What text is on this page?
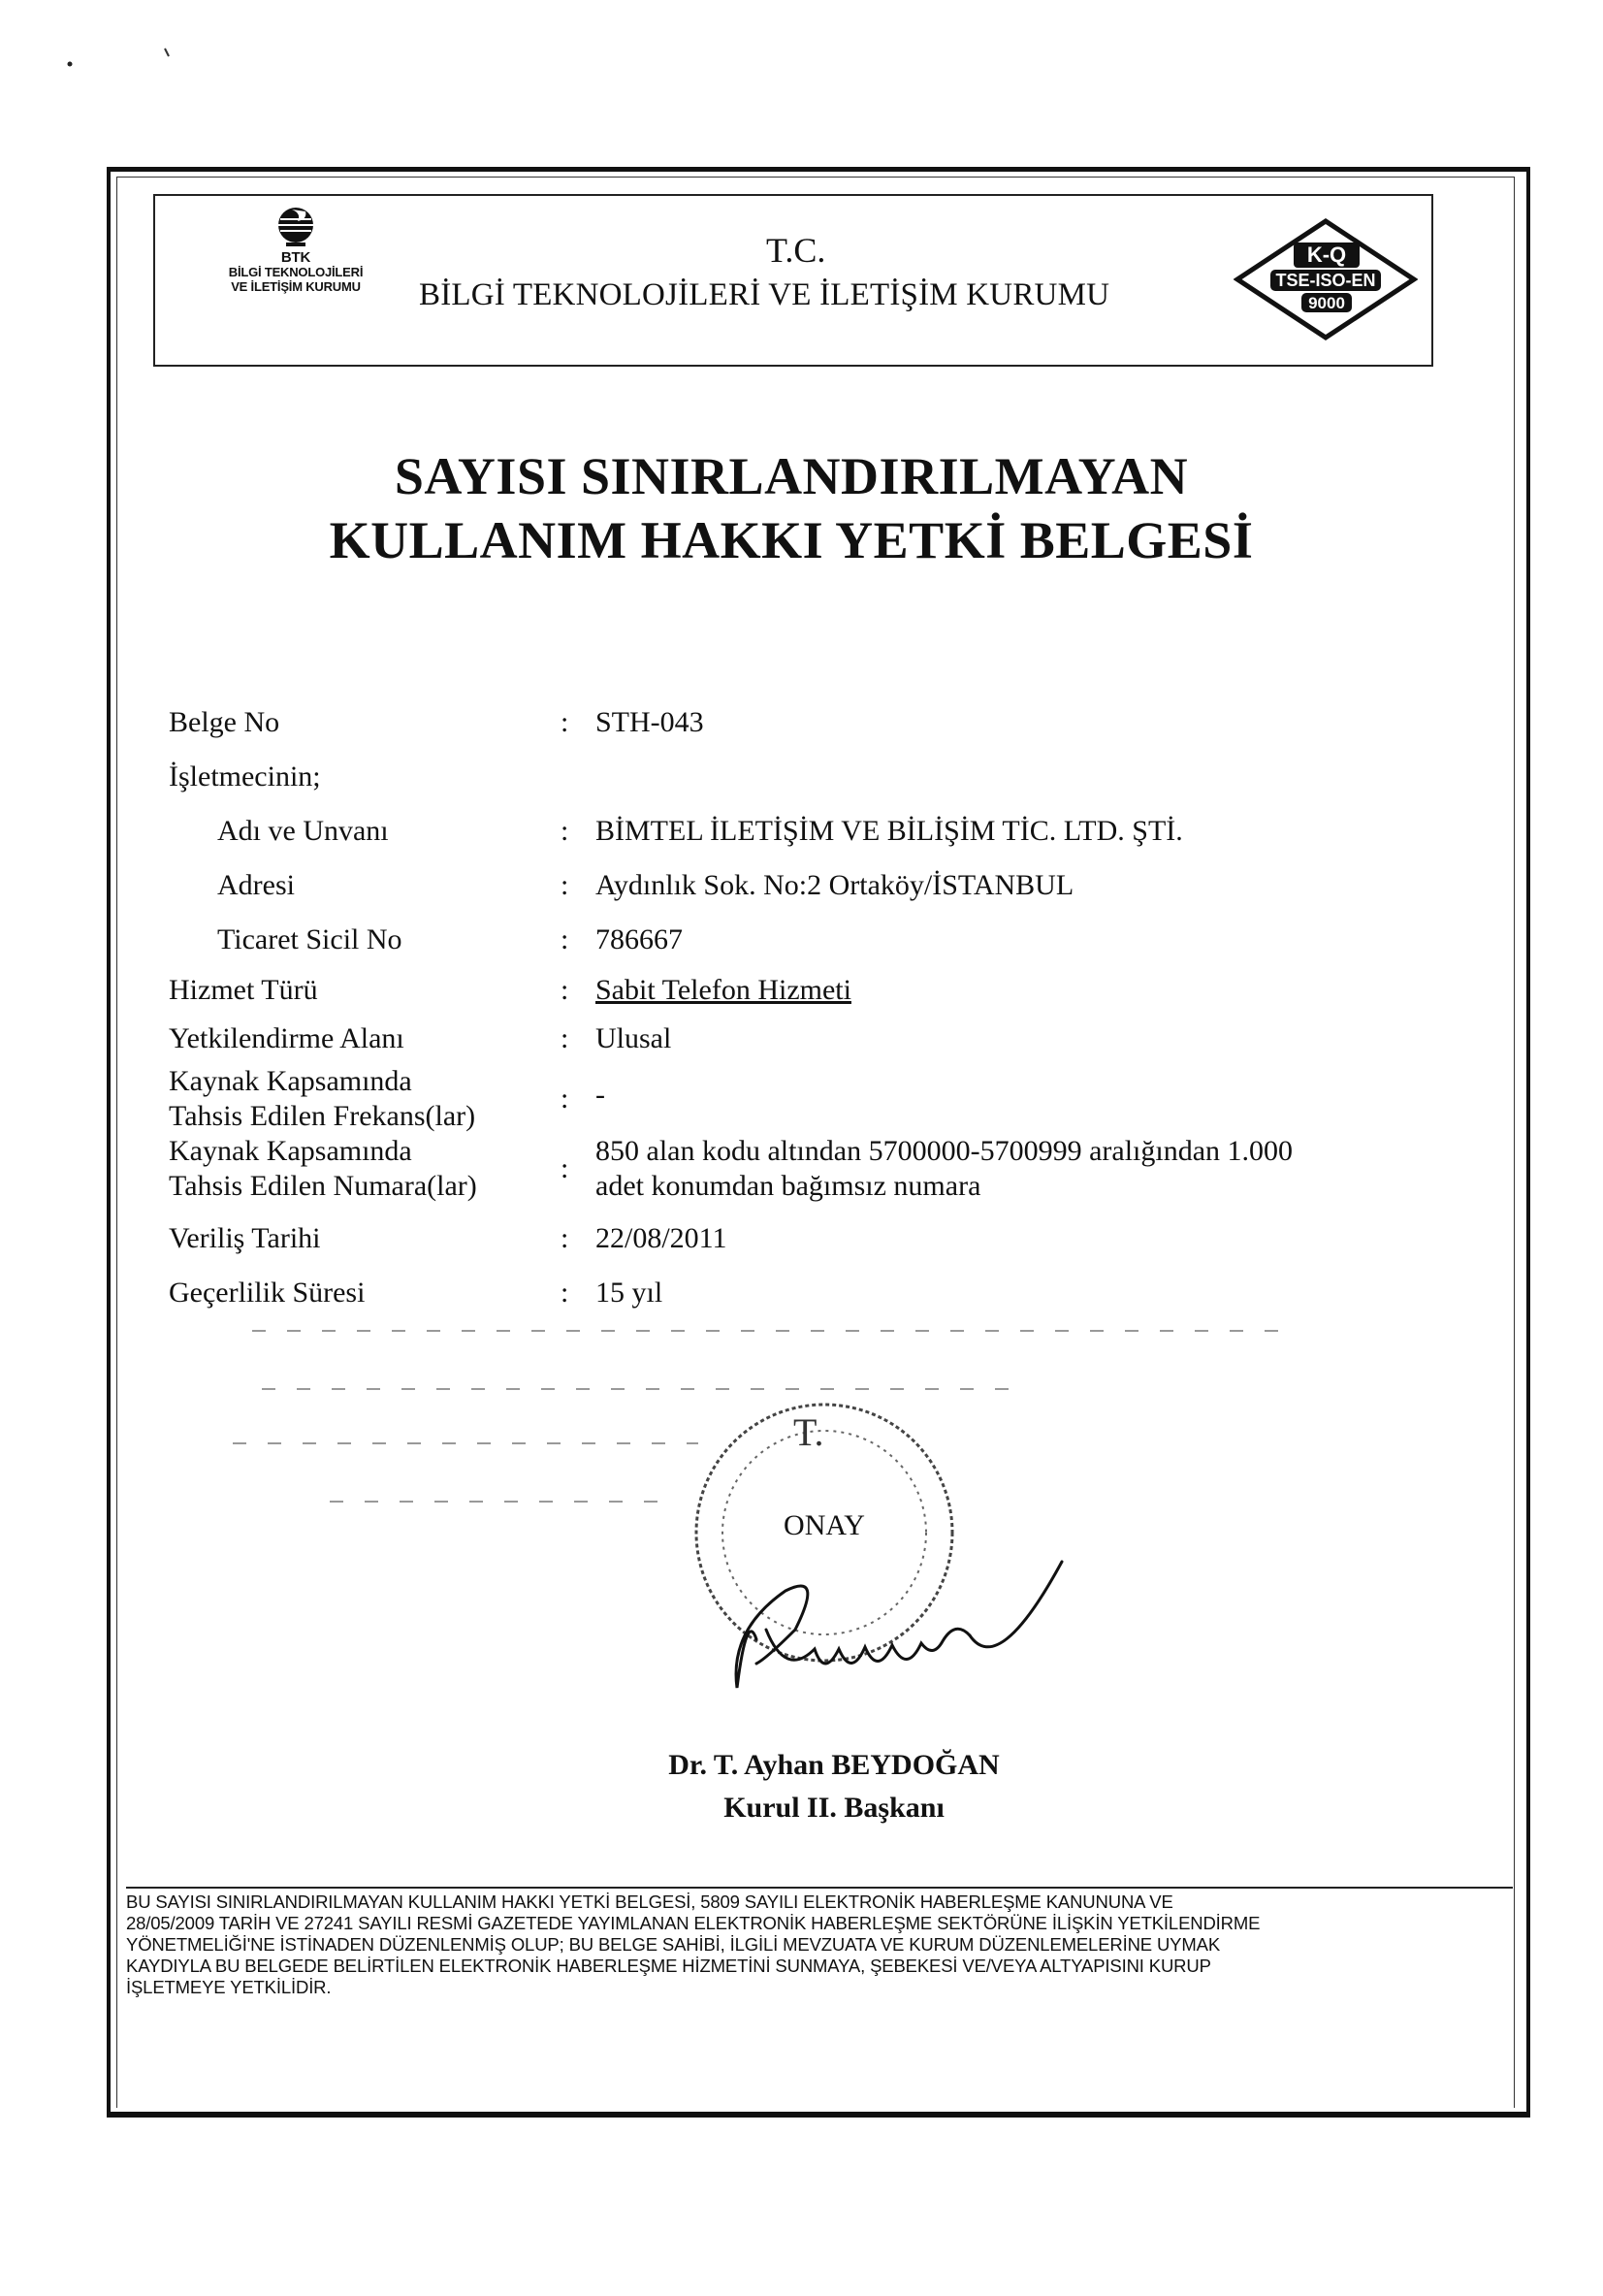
BTK
BİLGİ TEKNOLOJİLERİ
VE İLETİŞİM KURUMU
T.C.
BİLGİ TEKNOLOJİLERİ VE İLETİŞİM KURUMU
K-Q
TSE-ISO-EN
9000
SAYISI SINIRLANDIRILMAYAN
KULLANIM HAKKI YETKİ BELGESİ
Belge No	: STH-043
İşletmecinin;
Adı ve Unvanı	: BİMTEL İLETİŞİM VE BİLİŞİM TİC. LTD. ŞTİ.
Adresi	: Aydınlık Sok. No:2 Ortaköy/İSTANBUL
Ticaret Sicil No	: 786667
Hizmet Türü	: Sabit Telefon Hizmeti
Yetkilendirme Alanı	: Ulusal
Kaynak Kapsamında
Tahsis Edilen Frekans(lar)
: -
Kaynak Kapsamında
Tahsis Edilen Numara(lar)
:
850 alan kodu altından 5700000-5700999 aralığından 1.000
adet konumdan bağımsız numara
Veriliş Tarihi	: 22/08/2011
Geçerlilik Süresi	: 15 yıl
T.
ONAY
Dr. T. Ayhan BEYDOĞAN
Kurul II. Başkanı
BU SAYISI SINIRLANDIRILMAYAN KULLANIM HAKKI YETKİ BELGESİ, 5809 SAYILI ELEKTRONİK HABERLEŞME KANUNUNA VE
28/05/2009 TARİH VE 27241 SAYILI RESMİ GAZETEDE YAYIMLANAN ELEKTRONİK HABERLEŞME SEKTÖRÜNE İLİŞKİN YETKİLENDİRME
YÖNETMELİĞİ'NE İSTİNADEN DÜZENLENMİŞ OLUP; BU BELGE SAHİBİ, İLGİLİ MEVZUATA VE KURUM DÜZENLEMELERİNE UYMAK
KAYDIYLA BU BELGEDE BELİRTİLEN ELEKTRONİK HABERLEŞME HİZMETİNİ SUNMAYA, ŞEBEKESİ VE/VEYA ALTYAPISINI KURUP
İŞLETMEYE YETKİLİDİR.
